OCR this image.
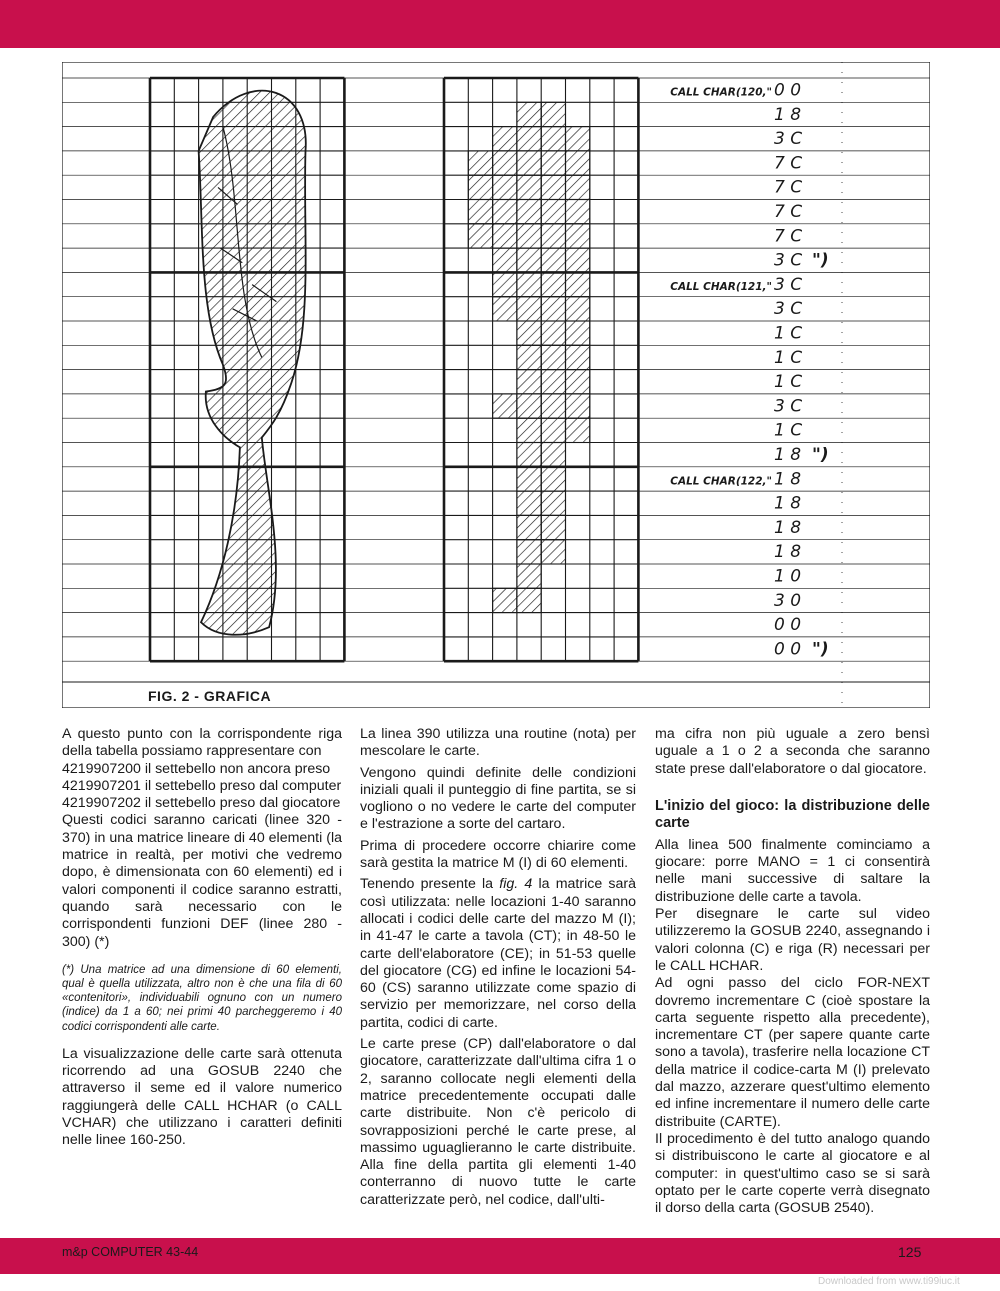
CALL CHAR(120," 0 0
1 8
3 C
7 C
7 C
7 C
7 C
3 C ")
CALL CHAR(121," 3 C
3 C
1 C
1 C
1 C
3 C
1 C
1 8 ")
CALL CHAR(122," 1 8
1 8
1 8
1 8
1 0
3 0
0 0
0 0 ")
FIG. 2 - GRAFICA

A questo punto con la corrispondente riga della tabella possiamo rappresentare con

4219907200 il settebello non ancora preso

4219907201 il settebello preso dal computer

4219907202 il settebello preso dal giocatore

Questi codici saranno caricati (linee 320 - 370) in una matrice lineare di 40 elementi (la matrice in realtà, per motivi che vedremo dopo, è dimensionata con 60 elementi) ed i valori componenti il codice saranno estratti, quando sarà necessario con le corrispondenti funzioni DEF (linee 280 - 300) (*)

(*) Una matrice ad una dimensione di 60 elementi, qual è quella utilizzata, altro non è che una fila di 60 «contenitori», individuabili ognuno con un numero (indice) da 1 a 60; nei primi 40 parcheggeremo i 40 codici corrispondenti alle carte.

La visualizzazione delle carte sarà ottenuta ricorrendo ad una GOSUB 2240 che attraverso il seme ed il valore numerico raggiungerà delle CALL HCHAR (o CALL VCHAR) che utilizzano i caratteri definiti nelle linee 160-250.

La linea 390 utilizza una routine (nota) per mescolare le carte.

Vengono quindi definite delle condizioni iniziali quali il punteggio di fine partita, se si vogliono o no vedere le carte del computer e l'estrazione a sorte del cartaro.

Prima di procedere occorre chiarire come sarà gestita la matrice M (I) di 60 elementi.

Tenendo presente la fig. 4 la matrice sarà così utilizzata: nelle locazioni 1-40 saranno allocati i codici delle carte del mazzo M (I); in 41-47 le carte a tavola (CT); in 48-50 le carte dell'elaboratore (CE); in 51-53 quelle del giocatore (CG) ed infine le locazioni 54-60 (CS) saranno utilizzate come spazio di servizio per memorizzare, nel corso della partita, codici di carte.

Le carte prese (CP) dall'elaboratore o dal giocatore, caratterizzate dall'ultima cifra 1 o 2, saranno collocate negli elementi della matrice precedentemente occupati dalle carte distribuite. Non c'è pericolo di sovrapposizioni perché le carte prese, al massimo uguaglieranno le carte distribuite. Alla fine della partita gli elementi 1-40 conterranno di nuovo tutte le carte caratterizzate però, nel codice, dall'ulti-

ma cifra non più uguale a zero bensì uguale a 1 o 2 a seconda che saranno state prese dall'elaboratore o dal giocatore.

L'inizio del gioco: la distribuzione delle carte

Alla linea 500 finalmente cominciamo a giocare: porre MANO = 1 ci consentirà nelle mani successive di saltare la distribuzione delle carte a tavola.

Per disegnare le carte sul video utilizzeremo la GOSUB 2240, assegnando i valori colonna (C) e riga (R) necessari per le CALL HCHAR.

Ad ogni passo del ciclo FOR-NEXT dovremo incrementare C (cioè spostare la carta seguente rispetto alla precedente), incrementare CT (per sapere quante carte sono a tavola), trasferire nella locazione CT della matrice il codice-carta M (I) prelevato dal mazzo, azzerare quest'ultimo elemento ed infine incrementare il numero delle carte distribuite (CARTE).

Il procedimento è del tutto analogo quando si distribuiscono le carte al giocatore e al computer: in quest'ultimo caso se si sarà optato per le carte coperte verrà disegnato il dorso della carta (GOSUB 2540).

m&p COMPUTER 43-44	125
Downloaded from www.ti99iuc.it
